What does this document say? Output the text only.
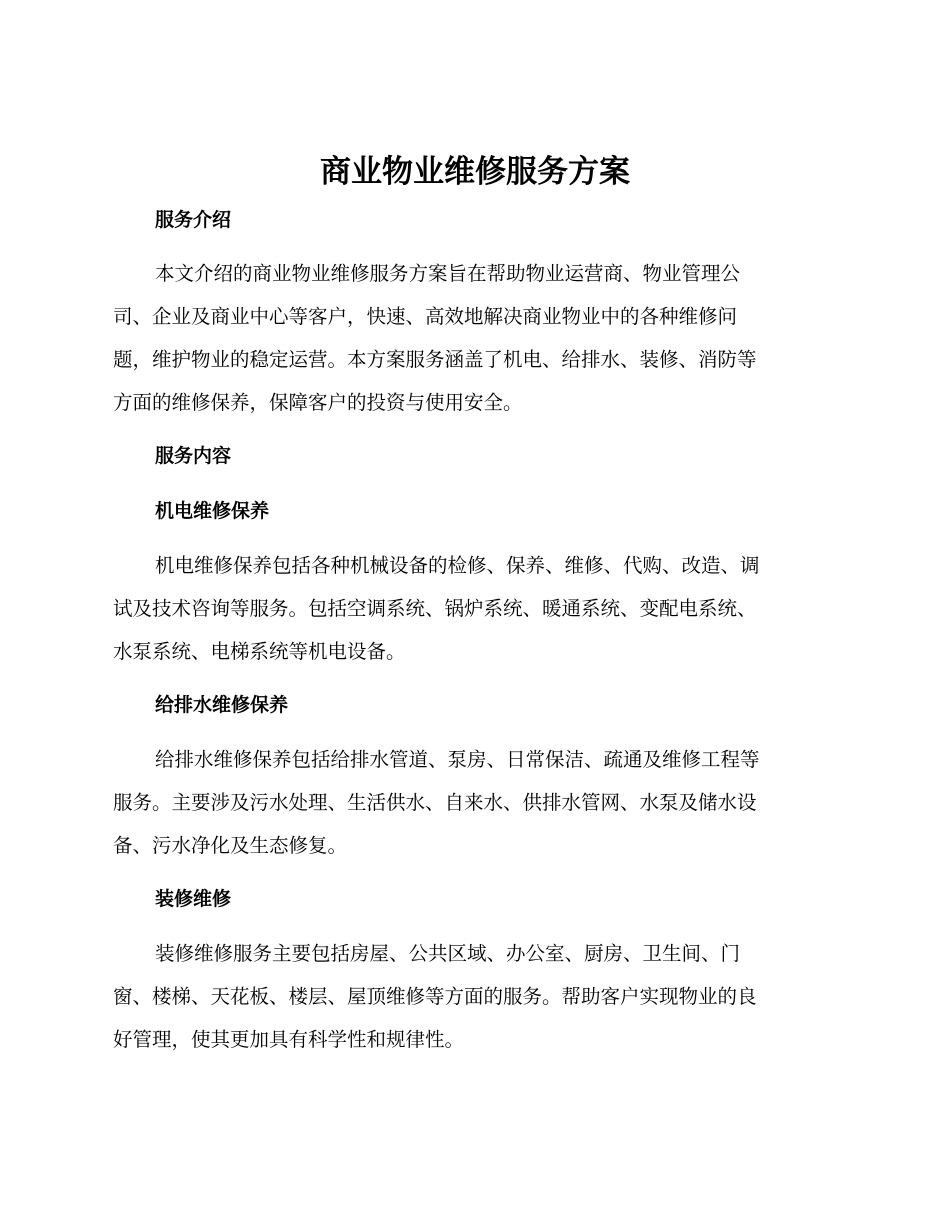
商业物业维修服务方案
服务介绍
本文介绍的商业物业维修服务方案旨在帮助物业运营商、物业管理公
司、企业及商业中心等客户，快速、高效地解决商业物业中的各种维修问
题，维护物业的稳定运营。本方案服务涵盖了机电、给排水、装修、消防等
方面的维修保养，保障客户的投资与使用安全。
服务内容
机电维修保养
机电维修保养包括各种机械设备的检修、保养、维修、代购、改造、调
试及技术咨询等服务。包括空调系统、锅炉系统、暖通系统、变配电系统、
水泵系统、电梯系统等机电设备。
给排水维修保养
给排水维修保养包括给排水管道、泵房、日常保洁、疏通及维修工程等
服务。主要涉及污水处理、生活供水、自来水、供排水管网、水泵及储水设
备、污水净化及生态修复。
装修维修
装修维修服务主要包括房屋、公共区域、办公室、厨房、卫生间、门
窗、楼梯、天花板、楼层、屋顶维修等方面的服务。帮助客户实现物业的良
好管理，使其更加具有科学性和规律性。
